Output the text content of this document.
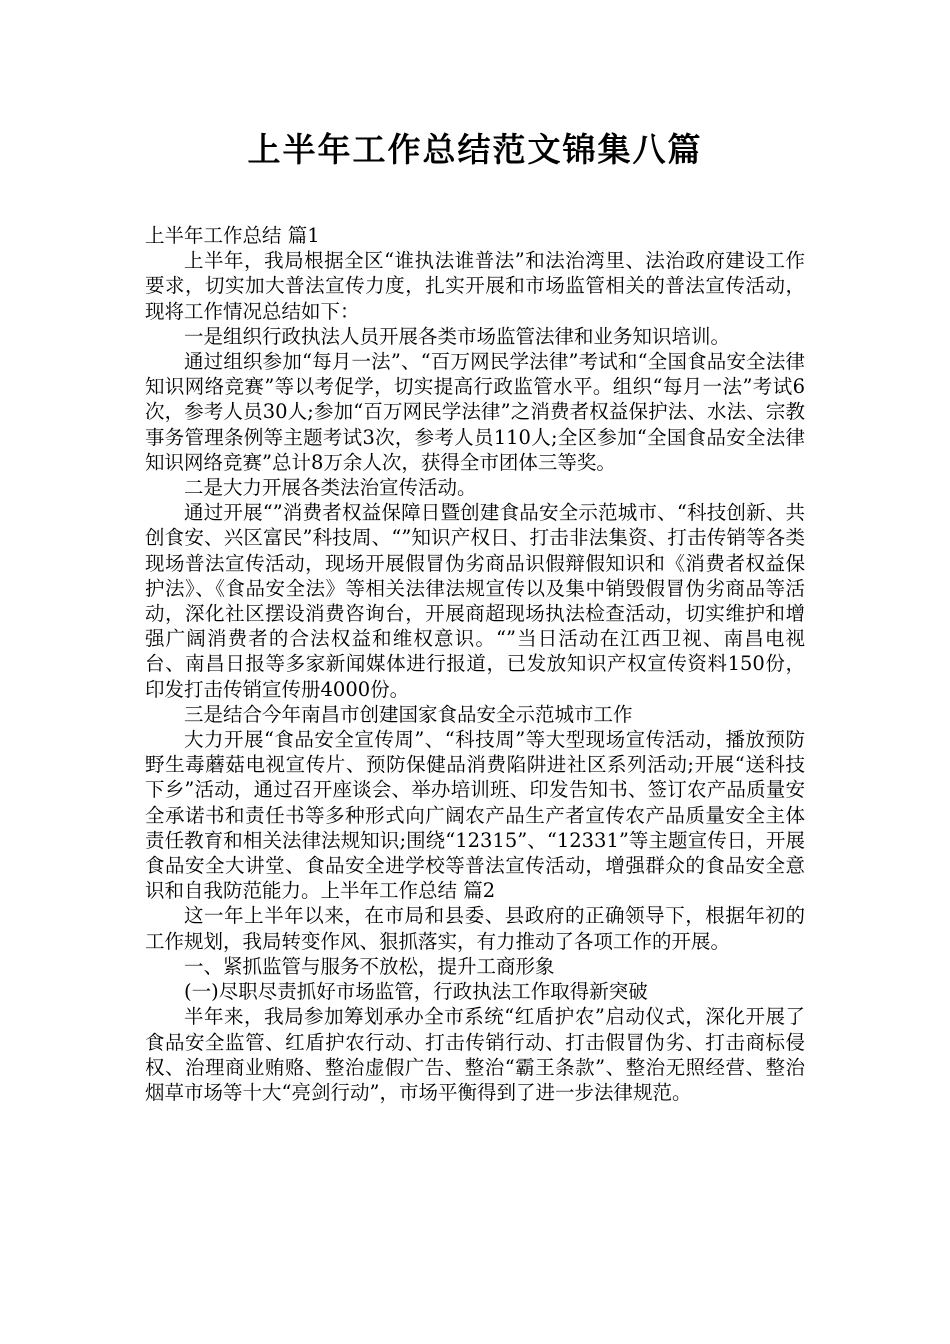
上半年工作总结范文锦集八篇

上半年工作总结 篇1

上半年，我局根据全区“谁执法谁普法”和法治湾里、法治政府建设工作要求，切实加大普法宣传力度，扎实开展和市场监管相关的普法宣传活动，现将工作情况总结如下：

一是组织行政执法人员开展各类市场监管法律和业务知识培训。

通过组织参加“每月一法”、“百万网民学法律”考试和“全国食品安全法律知识网络竞赛”等以考促学，切实提高行政监管水平。组织“每月一法”考试6次，参考人员30人;参加“百万网民学法律”之消费者权益保护法、水法、宗教事务管理条例等主题考试3次，参考人员110人;全区参加“全国食品安全法律知识网络竞赛”总计8万余人次，获得全市团体三等奖。

二是大力开展各类法治宣传活动。

通过开展“”消费者权益保障日暨创建食品安全示范城市、“科技创新、共创食安、兴区富民”科技周、“”知识产权日、打击非法集资、打击传销等各类现场普法宣传活动，现场开展假冒伪劣商品识假辩假知识和《消费者权益保护法》、《食品安全法》等相关法律法规宣传以及集中销毁假冒伪劣商品等活动，深化社区摆设消费咨询台，开展商超现场执法检查活动，切实维护和增强广阔消费者的合法权益和维权意识。“”当日活动在江西卫视、南昌电视台、南昌日报等多家新闻媒体进行报道，已发放知识产权宣传资料150份，印发打击传销宣传册4000份。

三是结合今年南昌市创建国家食品安全示范城市工作

大力开展“食品安全宣传周”、“科技周”等大型现场宣传活动，播放预防野生毒蘑菇电视宣传片、预防保健品消费陷阱进社区系列活动;开展“送科技下乡”活动，通过召开座谈会、举办培训班、印发告知书、签订农产品质量安全承诺书和责任书等多种形式向广阔农产品生产者宣传农产品质量安全主体责任教育和相关法律法规知识;围绕“12315”、“12331”等主题宣传日，开展食品安全大讲堂、食品安全进学校等普法宣传活动，增强群众的食品安全意识和自我防范能力。上半年工作总结 篇2

这一年上半年以来，在市局和县委、县政府的正确领导下，根据年初的工作规划，我局转变作风、狠抓落实，有力推动了各项工作的开展。

一、紧抓监管与服务不放松，提升工商形象

(一)尽职尽责抓好市场监管，行政执法工作取得新突破

半年来，我局参加筹划承办全市系统“红盾护农”启动仪式，深化开展了食品安全监管、红盾护农行动、打击传销行动、打击假冒伪劣、打击商标侵权、治理商业贿赂、整治虚假广告、整治“霸王条款”、整治无照经营、整治烟草市场等十大“亮剑行动”，市场平衡得到了进一步法律规范。
